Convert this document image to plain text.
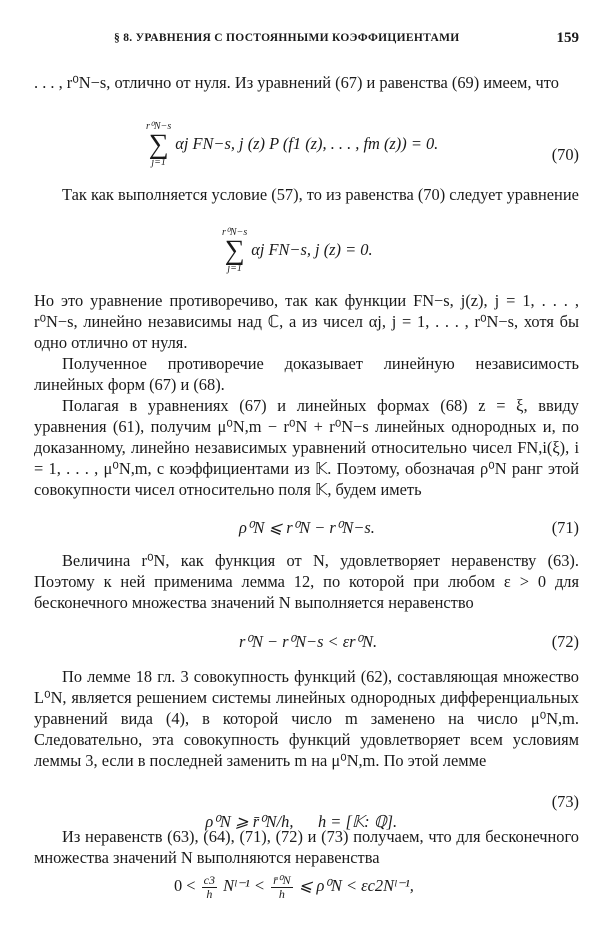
§ 8. УРАВНЕНИЯ С ПОСТОЯННЫМИ КОЭФФИЦИЕНТАМИ	159
. . . , r⁰N−s, отлично от нуля. Из уравнений (67) и равенства (69) имеем, что
r⁰N−s
∑
j=1
αj FN−s, j (z) P (f1 (z), . . . , fm (z)) = 0.
(70)
Так как выполняется условие (57), то из равенства (70) следует уравнение
r⁰N−s
∑
j=1
αj FN−s, j (z) = 0.
Но это уравнение противоречиво, так как функции FN−s, j(z), j = 1, . . . , r⁰N−s, линейно независимы над ℂ, а из чисел αj, j = 1, . . . , r⁰N−s, хотя бы одно отлично от нуля.
Полученное противоречие доказывает линейную независимость линейных форм (67) и (68).
Полагая в уравнениях (67) и линейных формах (68) z = ξ, ввиду уравнения (61), получим μ⁰N,m − r⁰N + r⁰N−s линейных однородных и, по доказанному, линейно независимых уравнений относительно чисел FN,i(ξ), i = 1, . . . , μ⁰N,m, с коэффициентами из 𝕂. Поэтому, обозначая ρ⁰N ранг этой совокупности чисел относительно поля 𝕂, будем иметь
ρ⁰N ⩽ r⁰N − r⁰N−s.	(71)
Величина r⁰N, как функция от N, удовлетворяет неравенству (63). Поэтому к ней применима лемма 12, по которой при любом ε > 0 для бесконечного множества значений N выполняется неравенство
r⁰N − r⁰N−s < εr⁰N.	(72)
По лемме 18 гл. 3 совокупность функций (62), составляющая множество L⁰N, является решением системы линейных однородных дифференциальных уравнений вида (4), в которой число m заменено на число μ⁰N,m. Следовательно, эта совокупность функций удовлетворяет всем условиям леммы 3, если в последней заменить m на μ⁰N,m. По этой лемме

ρ⁰N ⩾ r̄⁰N/h,      h = [𝕂: ℚ].

(73)
Из неравенств (63), (64), (71), (72) и (73) получаем, что для бесконечного множества значений N выполняются неравенства
$0 < \frac{c3}{h}$ Nˡ⁻¹ < $\frac{\text{r̄⁰N}}{h}$ ⩽ ρ⁰N < εc2Nˡ⁻¹,
